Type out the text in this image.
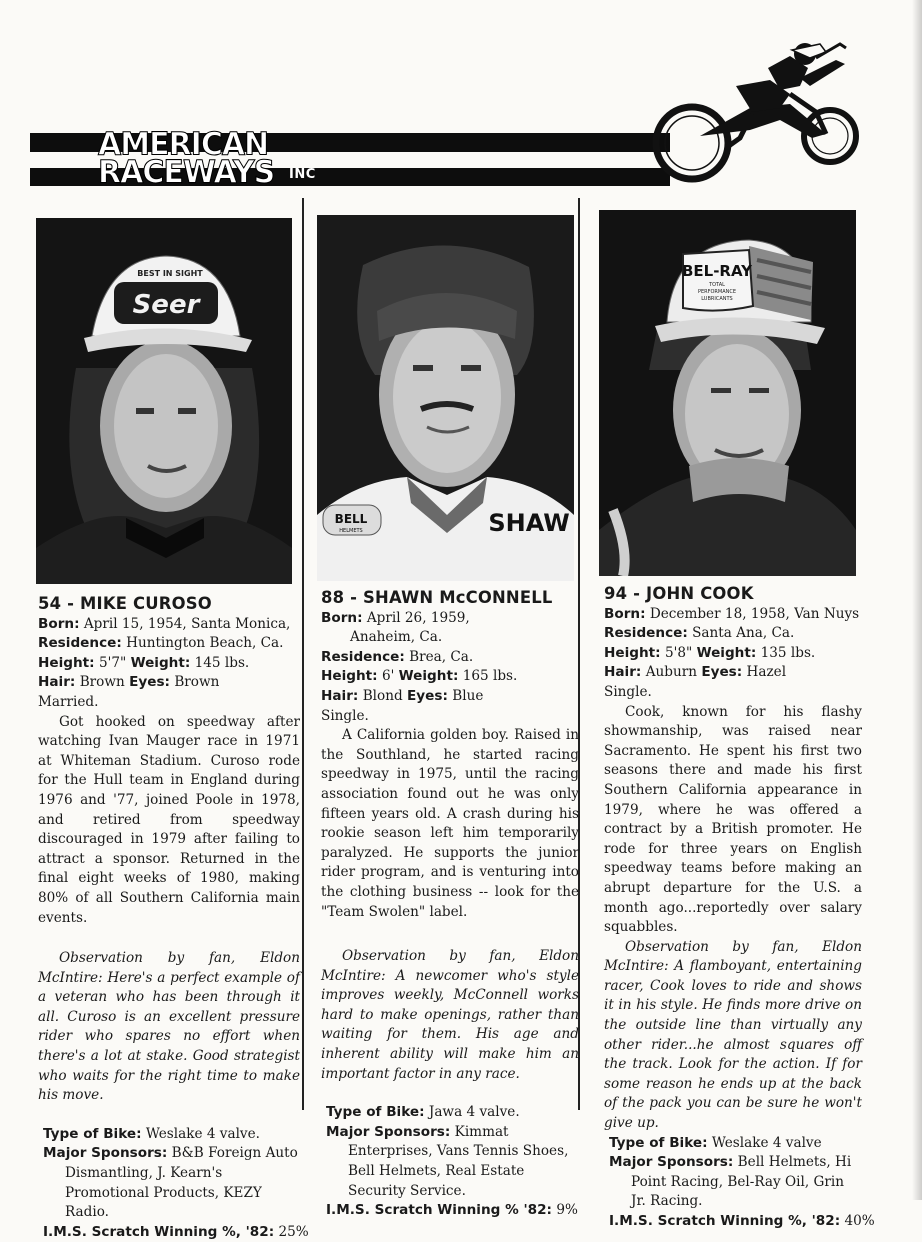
AMERICAN
RACEWAYS	INC
Seer
BEST IN SIGHT
BELL
HELMETS	SHAW
BEL-RAY
TOTAL
PERFORMANCE
LUBRICANTS
54 - MIKE CUROSO
Born: April 15, 1954, Santa Monica,
Residence: Huntington Beach, Ca.
Height: 5'7" Weight: 145 lbs.
Hair: Brown Eyes: Brown
Married.
Got hooked on speedway after watching Ivan Mauger race in 1971 at Whiteman Stadium. Curoso rode for the Hull team in England during 1976 and '77, joined Poole in 1978, and retired from speedway discouraged in 1979 after failing to attract a sponsor. Returned in the final eight weeks of 1980, making 80% of all Southern California main events.
Observation by fan, Eldon McIntire: Here's a perfect example of a veteran who has been through it all. Curoso is an excellent pressure rider who spares no effort when there's a lot at stake. Good strategist who waits for the right time to make his move.
Type of Bike: Weslake 4 valve.
Major Sponsors: B&B Foreign Auto Dismantling, J. Kearn's Promotional Products, KEZY Radio.
I.M.S. Scratch Winning %, '82: 25%
88 - SHAWN McCONNELL
Born: April 26, 1959,
Anaheim, Ca.
Residence: Brea, Ca.
Height: 6' Weight: 165 lbs.
Hair: Blond Eyes: Blue
Single.
A California golden boy. Raised in the Southland, he started racing speedway in 1975, until the racing association found out he was only fifteen years old. A crash during his rookie season left him temporarily paralyzed. He supports the junior rider program, and is venturing into the clothing business -- look for the "Team Swolen" label.
Observation by fan, Eldon McIntire: A newcomer who's style improves weekly, McConnell works hard to make openings, rather than waiting for them. His age and inherent ability will make him an important factor in any race.
Type of Bike: Jawa 4 valve.
Major Sponsors: Kimmat Enterprises, Vans Tennis Shoes, Bell Helmets, Real Estate Security Service.
I.M.S. Scratch Winning % '82: 9%
94 - JOHN COOK
Born: December 18, 1958, Van Nuys
Residence: Santa Ana, Ca.
Height: 5'8" Weight: 135 lbs.
Hair: Auburn Eyes: Hazel
Single.
Cook, known for his flashy showmanship, was raised near Sacramento. He spent his first two seasons there and made his first Southern California appearance in 1979, where he was offered a contract by a British promoter. He rode for three years on English speedway teams before making an abrupt departure for the U.S. a month ago...reportedly over salary squabbles.
Observation by fan, Eldon McIntire: A flamboyant, entertaining racer, Cook loves to ride and shows it in his style. He finds more drive on the outside line than virtually any other rider...he almost squares off the track. Look for the action. If for some reason he ends up at the back of the pack you can be sure he won't give up.
Type of Bike: Weslake 4 valve
Major Sponsors: Bell Helmets, Hi Point Racing, Bel-Ray Oil, Grin Jr. Racing.
I.M.S. Scratch Winning %, '82: 40%
